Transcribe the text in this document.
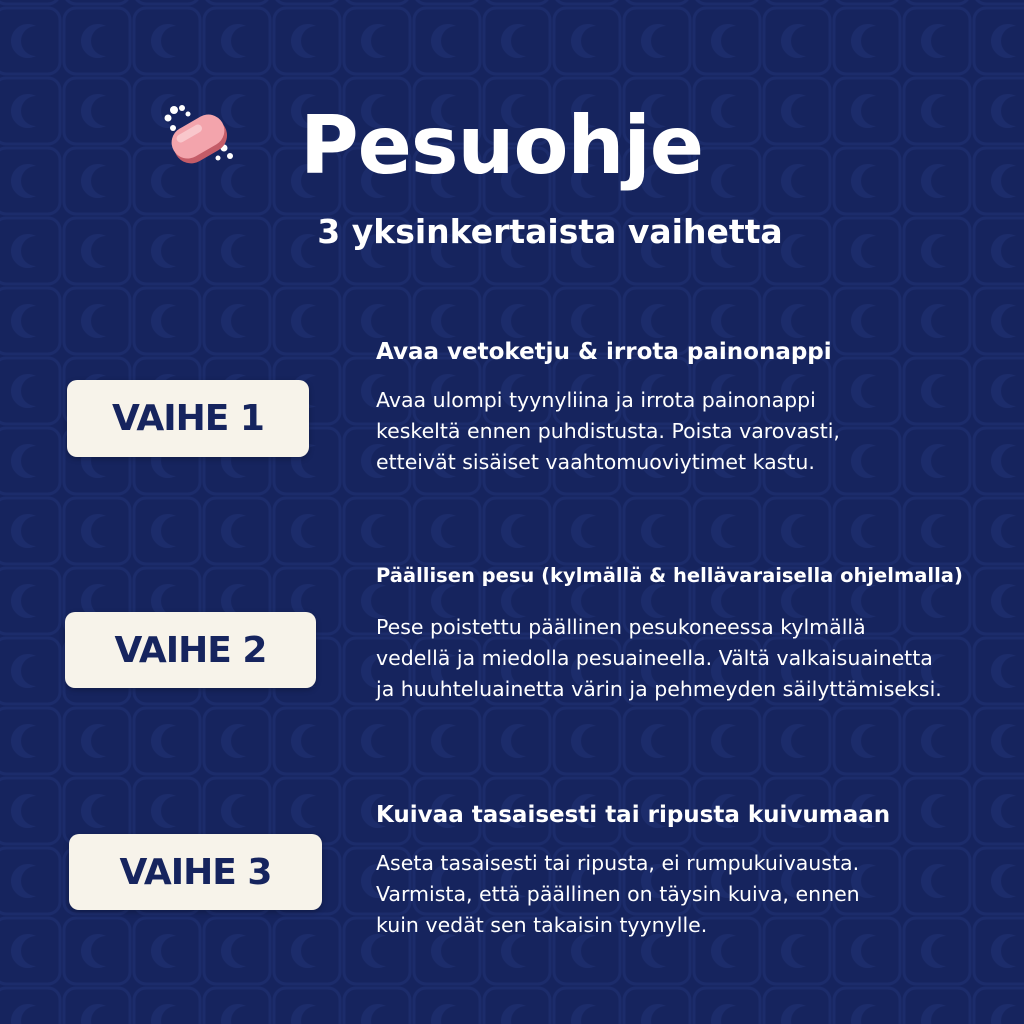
Pesuohje
3 yksinkertaista vaihetta
VAIHE 1
Avaa vetoketju & irrota painonappi
Avaa ulompi tyynyliina ja irrota painonappi
keskeltä ennen puhdistusta. Poista varovasti,
etteivät sisäiset vaahtomuoviytimet kastu.
VAIHE 2
Päällisen pesu (kylmällä & hellävaraisella ohjelmalla)
Pese poistettu päällinen pesukoneessa kylmällä
vedellä ja miedolla pesuaineella. Vältä valkaisuainetta
ja huuhteluainetta värin ja pehmeyden säilyttämiseksi.
VAIHE 3
Kuivaa tasaisesti tai ripusta kuivumaan
Aseta tasaisesti tai ripusta, ei rumpukuivausta.
Varmista, että päällinen on täysin kuiva, ennen
kuin vedät sen takaisin tyynylle.
